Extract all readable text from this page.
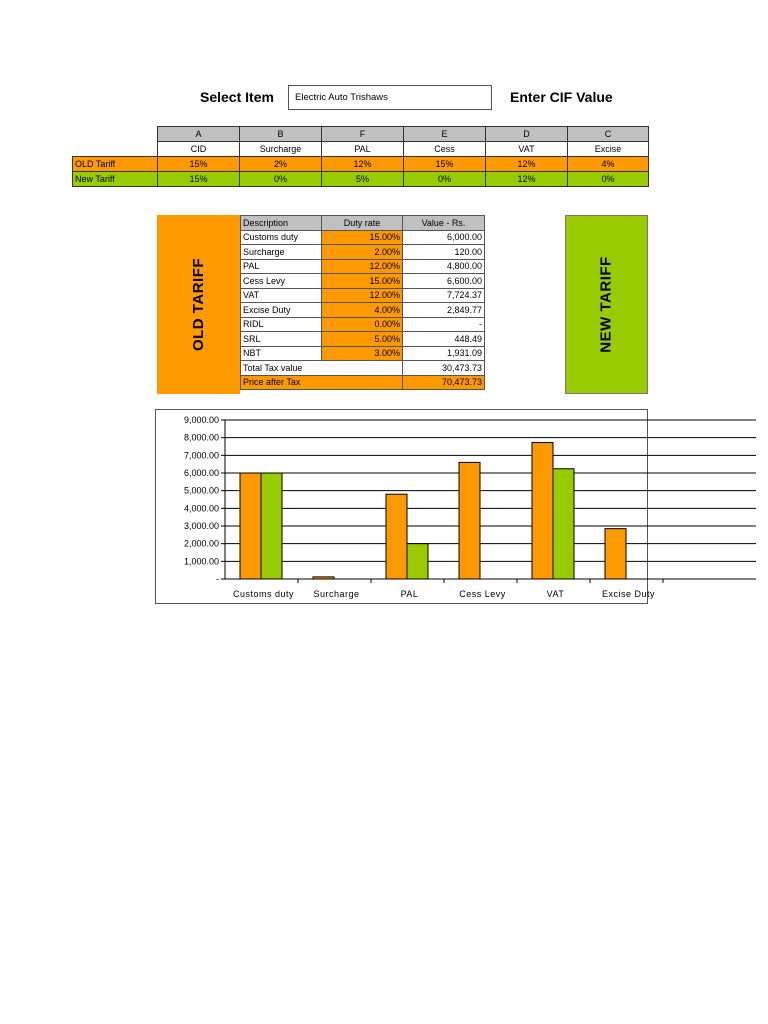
Select Item Electric Auto Trishaws	Enter CIF Value
	A	B	F	E	D	C
	CID	Surcharge	PAL	Cess	VAT	Excise
OLD Tariff	15%	2%	12%	15%	12%	4%
New Tariff	15%	0%	5%	0%	12%	0%
OLD TARIFF
Description	Duty rate	Value - Rs.
Customs duty	15.00%	6,000.00
Surcharge	2.00%	120.00
PAL	12.00%	4,800.00
Cess Levy	15.00%	6,600.00
VAT	12.00%	7,724.37
Excise Duty	4.00%	2,849.77
RIDL	0.00%	-
SRL	5.00%	448.49
NBT	3.00%	1,931.09
Total Tax value		30,473.73
Price after Tax		70,473.73
NEW TARIFF
-
1,000.00
2,000.00
3,000.00
4,000.00
5,000.00
6,000.00
7,000.00
8,000.00
9,000.00
Customs duty Surcharge	PAL	Cess Levy	VAT	Excise Duty
